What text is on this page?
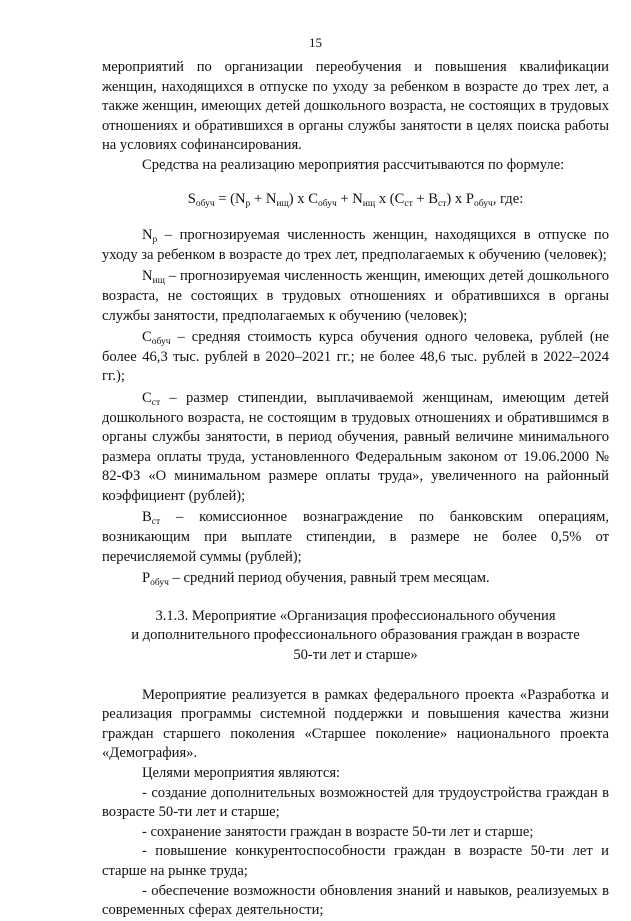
15

мероприятий по организации переобучения и повышения квалификации женщин, находящихся в отпуске по уходу за ребенком в возрасте до трех лет, а также женщин, имеющих детей дошкольного возраста, не состоящих в трудовых отношениях и обратившихся в органы службы занятости в целях поиска работы на условиях софинансирования.

Средства на реализацию мероприятия рассчитываются по формуле:

$S_{обуч} = (N_р + N_{ищ})$ x $C_{обуч} + N_{ищ}$ x $(C_{ст} + B_{ст})$ x $P_{обуч}$, где:

$N_р$ – прогнозируемая численность женщин, находящихся в отпуске по уходу за ребенком в возрасте до трех лет, предполагаемых к обучению (человек);

$N_{ищ}$ – прогнозируемая численность женщин, имеющих детей дошкольного возраста, не состоящих в трудовых отношениях и обратившихся в органы службы занятости, предполагаемых к обучению (человек);

$C_{обуч}$ – средняя стоимость курса обучения одного человека, рублей (не более 46,3 тыс. рублей в 2020–2021 гг.; не более 48,6 тыс. рублей в 2022–2024 гг.);

$C_{ст}$ – размер стипендии, выплачиваемой женщинам, имеющим детей дошкольного возраста, не состоящим в трудовых отношениях и обратившимся в органы службы занятости, в период обучения, равный величине минимального размера оплаты труда, установленного Федеральным законом от 19.06.2000 № 82-ФЗ «О минимальном размере оплаты труда», увеличенного на районный коэффициент (рублей);

$B_{ст}$ – комиссионное вознаграждение по банковским операциям, возникающим при выплате стипендии, в размере не более 0,5% от перечисляемой суммы (рублей);

$P_{обуч}$ – средний период обучения, равный трем месяцам.

3.1.3. Мероприятие «Организация профессионального обучения
и дополнительного профессионального образования граждан в возрасте
50-ти лет и старше»

Мероприятие реализуется в рамках федерального проекта «Разработка и реализация программы системной поддержки и повышения качества жизни граждан старшего поколения «Старшее поколение» национального проекта «Демография».

Целями мероприятия являются:

- создание дополнительных возможностей для трудоустройства граждан в возрасте 50-ти лет и старше;

- сохранение занятости граждан в возрасте 50-ти лет и старше;

- повышение конкурентоспособности граждан в возрасте 50-ти лет и старше на рынке труда;

- обеспечение возможности обновления знаний и навыков, реализуемых в современных сферах деятельности;
